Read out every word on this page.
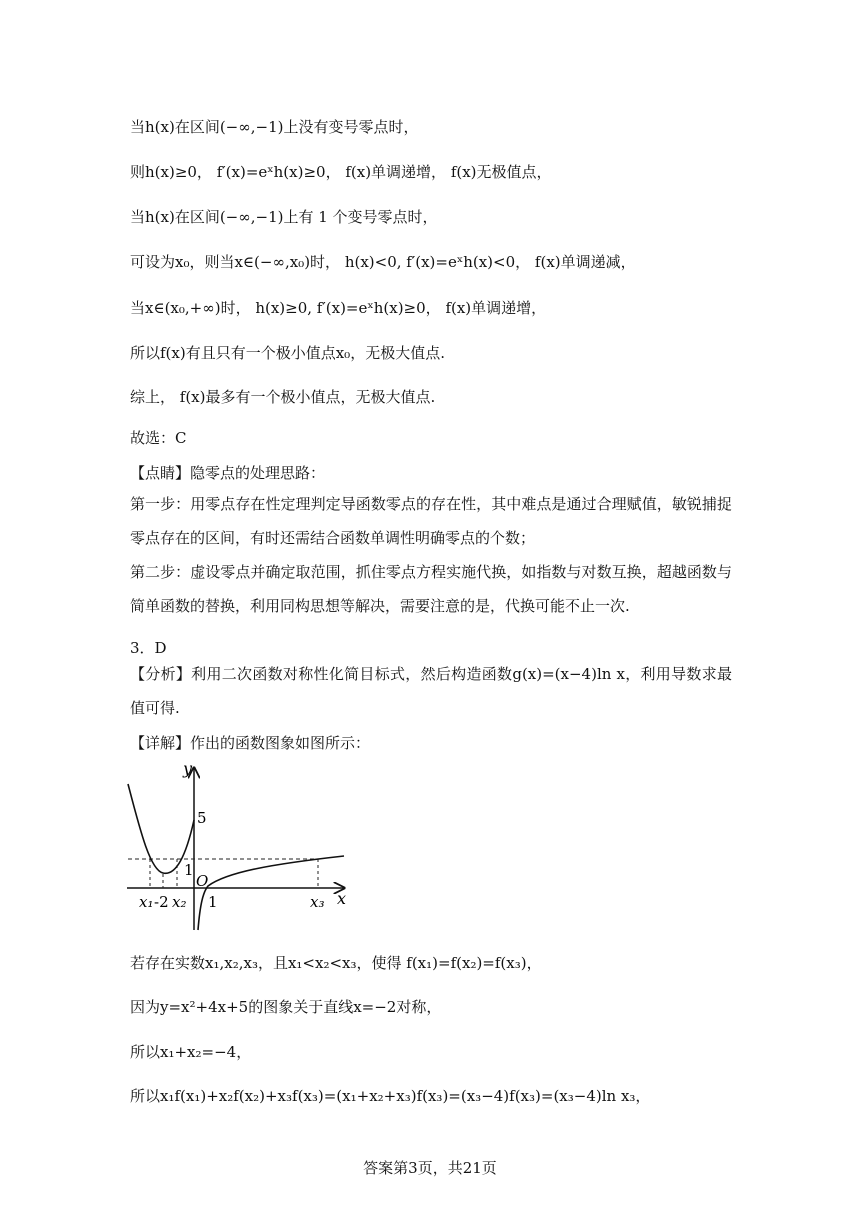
当h(x)在区间(−∞,−1)上没有变号零点时，
则h(x)≥0， f′(x)=eˣh(x)≥0， f(x)单调递增， f(x)无极值点，
当h(x)在区间(−∞,−1)上有 1 个变号零点时，
可设为x₀，则当x∈(−∞,x₀)时， h(x)<0, f′(x)=eˣh(x)<0， f(x)单调递减，
当x∈(x₀,+∞)时， h(x)≥0, f′(x)=eˣh(x)≥0， f(x)单调递增，
所以f(x)有且只有一个极小值点x₀，无极大值点.
综上， f(x)最多有一个极小值点，无极大值点.
故选：C
【点睛】隐零点的处理思路：
第一步：用零点存在性定理判定导函数零点的存在性，其中难点是通过合理赋值，敏锐捕捉零点存在的区间，有时还需结合函数单调性明确零点的个数；
第二步：虚设零点并确定取范围，抓住零点方程实施代换，如指数与对数互换，超越函数与简单函数的替换，利用同构思想等解决，需要注意的是，代换可能不止一次.
3．D
【分析】利用二次函数对称性化简目标式，然后构造函数g(x)=(x−4)ln x，利用导数求最值可得.
【详解】作出的函数图象如图所示：
y
5
1
O
x
x₁ -2 x₂ 1	x₃
若存在实数x₁,x₂,x₃，且x₁<x₂<x₃，使得 f(x₁)=f(x₂)=f(x₃)，
因为y=x²+4x+5的图象关于直线x=−2对称，
所以x₁+x₂=−4，
所以x₁f(x₁)+x₂f(x₂)+x₃f(x₃)=(x₁+x₂+x₃)f(x₃)=(x₃−4)f(x₃)=(x₃−4)ln x₃，
答案第3页，共21页
